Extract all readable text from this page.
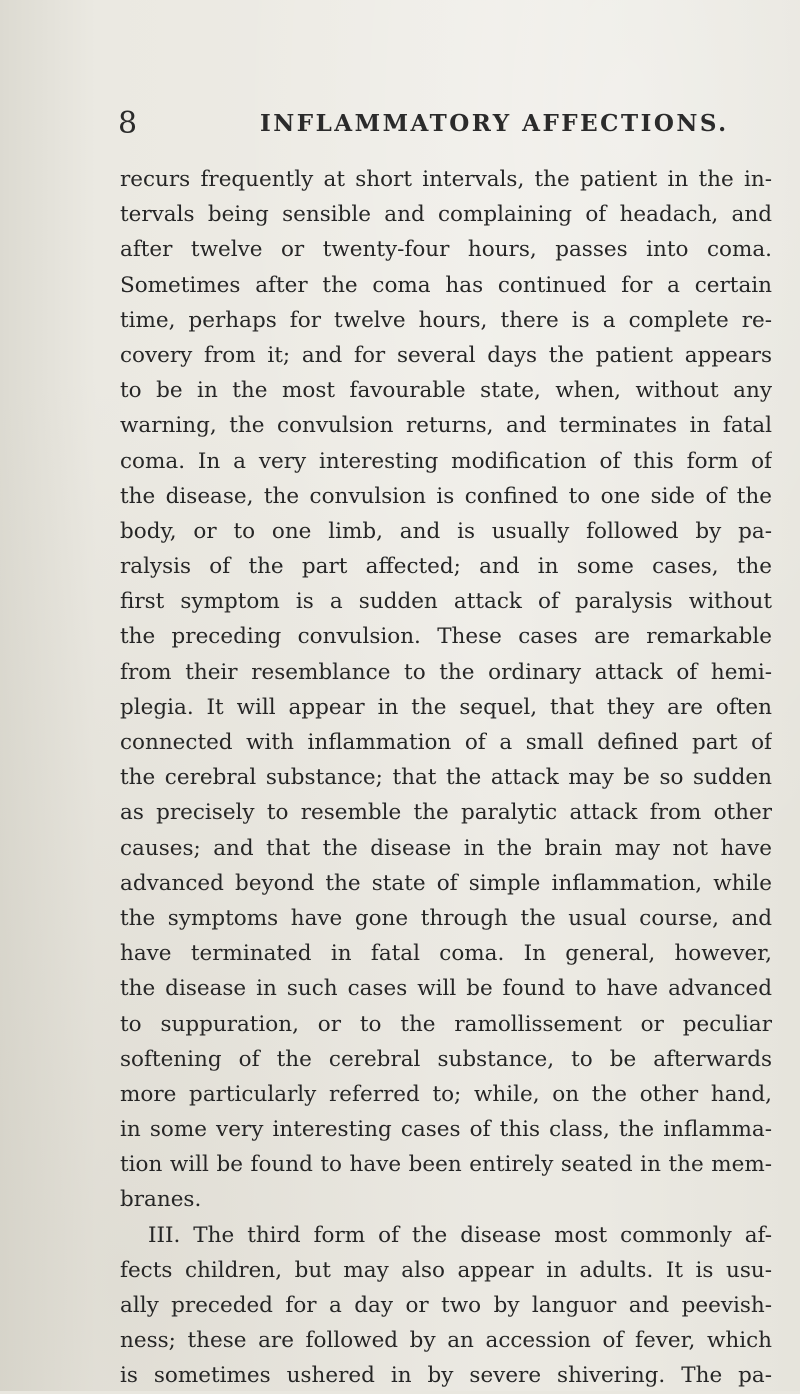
8	INFLAMMATORY AFFECTIONS.
recurs frequently at short intervals, the patient in the in-
tervals being sensible and complaining of headach, and
after twelve or twenty-four hours, passes into coma.
Sometimes after the coma has continued for a certain
time, perhaps for twelve hours, there is a complete re-
covery from it; and for several days the patient appears
to be in the most favourable state, when, without any
warning, the convulsion returns, and terminates in fatal
coma. In a very interesting modification of this form of
the disease, the convulsion is confined to one side of the
body, or to one limb, and is usually followed by pa-
ralysis of the part affected; and in some cases, the
first symptom is a sudden attack of paralysis without
the preceding convulsion. These cases are remarkable
from their resemblance to the ordinary attack of hemi-
plegia. It will appear in the sequel, that they are often
connected with inflammation of a small defined part of
the cerebral substance; that the attack may be so sudden
as precisely to resemble the paralytic attack from other
causes; and that the disease in the brain may not have
advanced beyond the state of simple inflammation, while
the symptoms have gone through the usual course, and
have terminated in fatal coma. In general, however,
the disease in such cases will be found to have advanced
to suppuration, or to the ramollissement or peculiar
softening of the cerebral substance, to be afterwards
more particularly referred to; while, on the other hand,
in some very interesting cases of this class, the inflamma-
tion will be found to have been entirely seated in the mem-
branes.
III. The third form of the disease most commonly af-
fects children, but may also appear in adults. It is usu-
ally preceded for a day or two by languor and peevish-
ness; these are followed by an accession of fever, which
is sometimes ushered in by severe shivering. The pa-
